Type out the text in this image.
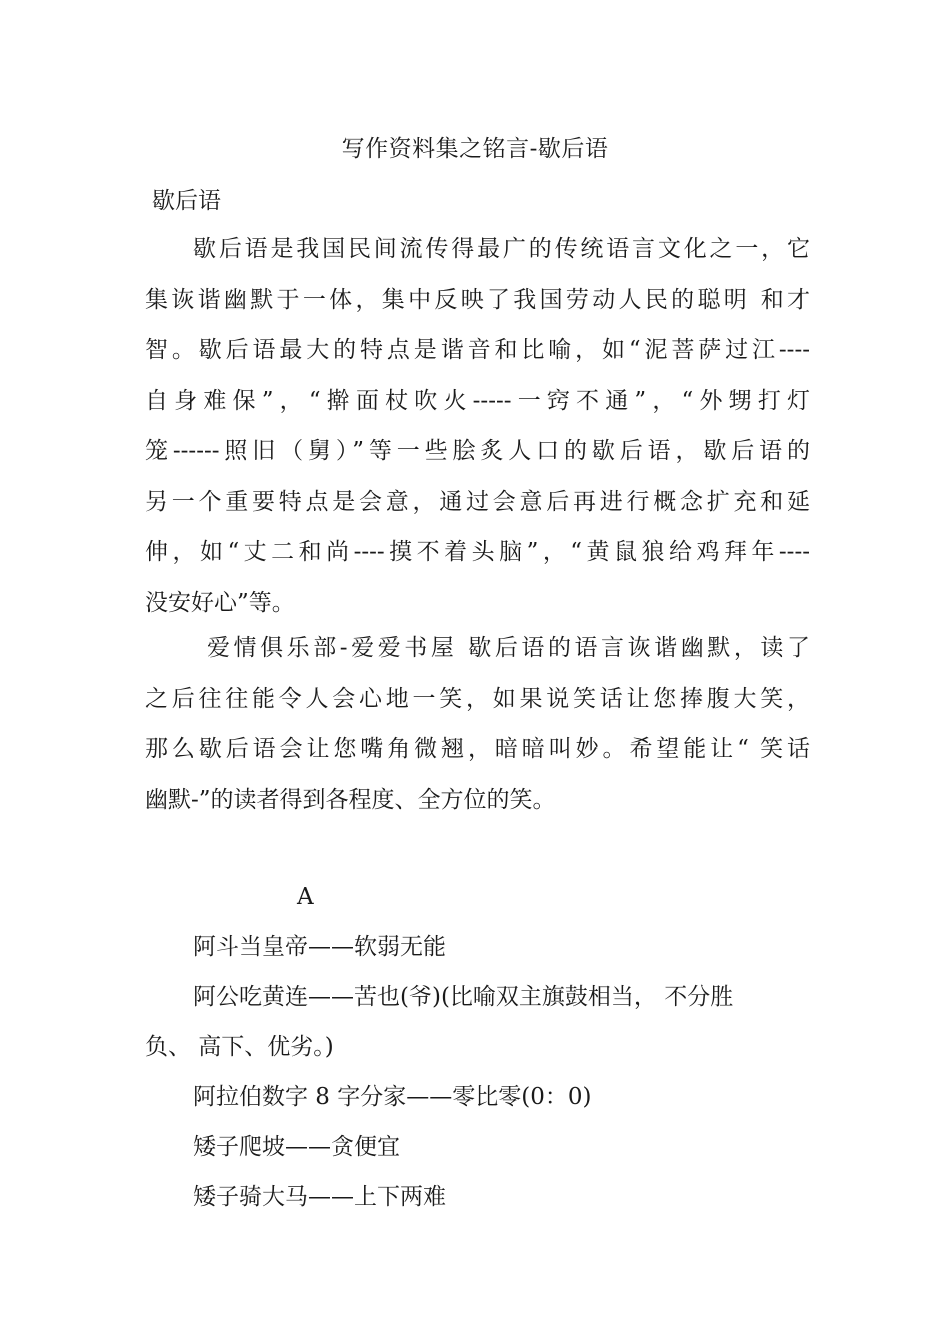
写作资料集之铭言-歇后语
歇后语
歇后语是我国民间流传得最广的传统语言文化之一，它
集诙谐幽默于一体，集中反映了我国劳动人民的聪明 和才
智。歇后语最大的特点是谐音和比喻，如“泥菩萨过江----
自身难保”，“擀面杖吹火-----一窍不通”，“外甥打灯
笼------照旧（舅）”等一些脍炙人口的歇后语，歇后语的
另一个重要特点是会意，通过会意后再进行概念扩充和延
伸，如“丈二和尚----摸不着头脑”，“黄鼠狼给鸡拜年----
没安好心”等。
爱情俱乐部-爱爱书屋 歇后语的语言诙谐幽默，读了
之后往往能令人会心地一笑，如果说笑话让您捧腹大笑，
那么歇后语会让您嘴角微翘，暗暗叫妙。希望能让“ 笑话
幽默-”的读者得到各程度、全方位的笑。
A
阿斗当皇帝——软弱无能
阿公吃黄连——苦也(爷)(比喻双主旗鼓相当， 不分胜
负、 高下、优劣。)
阿拉伯数字 8 字分家——零比零(0：0)
矮子爬坡——贪便宜
矮子骑大马——上下两难
